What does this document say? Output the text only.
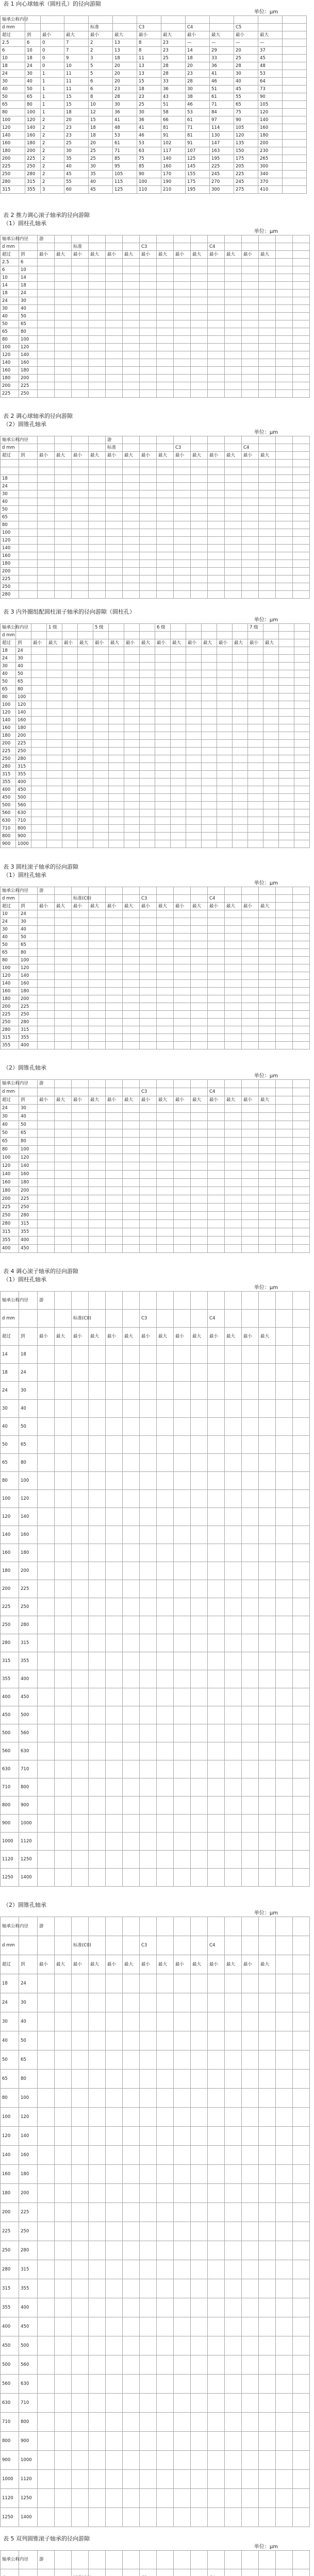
表 1 向心球轴承（圆柱孔）的径向游隙
单位：μm
轴承公称内径												
d mm				标准		C3		C4		C5		
超过	到	最小	最大	最小	最大	最小	最大	最小	最大	最小	最大	
2.5	6	0	7	2	13	8	23	—	—	—	—	
6	10	0	7	2	13	8	23	14	29	20	37	
10	18	0	9	3	18	11	25	18	33	25	45	
18	24	0	10	5	20	13	28	20	36	28	48	
24	30	1	11	5	20	13	28	23	41	30	53	
30	40	1	11	6	20	15	33	28	46	40	64	
40	50	1	11	6	23	18	36	30	51	45	73	
50	65	1	15	8	28	23	43	38	61	55	90	
65	80	1	15	10	30	25	51	46	71	65	105	
80	100	1	18	12	36	30	58	53	84	75	120	
100	120	2	20	15	41	36	66	61	97	90	140	
120	140	2	23	18	48	41	81	71	114	105	160	
140	160	2	23	18	53	46	91	81	130	120	180	
160	180	2	25	20	61	53	102	91	147	135	200	
180	200	2	30	25	71	63	117	107	163	150	230	
200	225	2	35	25	85	75	140	125	195	175	265	
225	250	2	40	30	95	85	160	145	225	205	300	
250	280	2	45	35	105	90	170	155	245	225	340	
280	315	2	55	40	115	100	190	175	270	245	370	
315	355	3	60	45	125	110	210	195	300	275	410	
表 2 推力调心滚子轴承的径向游隙
（1）圆柱孔轴承
单位：μm
轴承公称内径		游															
d mm				标准				C3				C4					
超过	到	最小	最大	最小	最大	最小	最大	最小	最大	最小	最大	最小	最大	最小	最大		
2.5	6																
6	10																
10	14																
14	18																
18	24																
24	30																
30	40																
40	50																
50	65																
65	80																
80	100																
100	120																
120	140																
140	160																
160	180																
180	200																
200	225																
225	250																
表 2 调心球轴承的径向游隙
（2）圆锥孔轴承
单位：μm
轴承公称内径						游											
d mm						标准				C3				C4			
超过	到	最小	最大	最小	最大	最小	最大	最小	最大	最小	最大	最小	最大	最小	最大		

18																	
24																	
30																	
40																	
50																	
65																	
80																	
100																	
120																	
140																	
160																	
180																	
200																	
225																	
250																	
280																	
表 3 内外圈组配圆柱滚子轴承的径向游隙（圆柱孔）
单位：μm
轴承公称内径			1 级			5 级				6 级						7 级			
d mm																			
超过	到	最小	最大	最小	最大	最小	最大	最小	最大	最小	最大	最小	最大	最小	最大	最小	最大		
18	24																		
24	30																		
30	40																		
40	50																		
50	65																		
65	80																		
80	100																		
100	120																		
120	140																		
140	160																		
160	180																		
180	200																		
200	225																		
225	250																		
250	280																		
280	315																		
315	355																		
355	400																		
400	450																		
450	500																		
500	560																		
560	630																		
630	710																		
710	800																		
800	900																		
900	1000																		
表 3 圆柱滚子轴承的径向游隙
（1）圆柱孔轴承
单位：μm
轴承公称内径		游															
d mm				标准(C0)				C3				C4					
超过	到	最小	最大	最小	最大	最小	最大	最小	最大	最小	最大	最小	最大	最小	最大		
10	24																
24	30																
30	40																
40	50																
50	65																
65	80																
80	100																
100	120																
120	140																
140	160																
160	180																
180	200																
200	225																
225	250																
250	280																
280	315																
315	355																
355	400																
（2）圆锥孔轴承
单位：μm
轴承公称内径		游															
d mm								C3				C4					
超过	到	最小	最大	最小	最大	最小	最大	最小	最大	最小	最大	最小	最大	最小	最大		
24	30																
30	40																
40	50																
50	65																
65	80																
80	100																
100	120																
120	140																
140	160																
160	180																
180	200																
200	225																
225	250																
250	280																
280	315																
315	355																
355	400																
400	450																
表 4 调心滚子轴承的径向游隙
（1）圆柱孔轴承
单位：μm
轴承公称内径		游															
d mm				标准(C0)				C3				C4					
超过	到	最小	最大	最小	最大	最小	最大	最小	最大	最小	最大	最小	最大	最小	最大		
14	18																
18	24																
24	30																
30	40																
40	50																
50	65																
65	80																
80	100																
100	120																
120	140																
140	160																
160	180																
180	200																
200	225																
225	250																
250	280																
280	315																
315	355																
355	400																
400	450																
450	500																
500	560																
560	630																
630	710																
710	800																
800	900																
900	1000																
1000	1120																
1120	1250																
1250	1400																
（2）圆锥孔轴承
单位：μm
轴承公称内径		游															
d mm				标准(C0)				C3				C4					
超过	到	最小	最大	最小	最大	最小	最大	最小	最大	最小	最大	最小	最大	最小	最大		
18	24																
24	30																
30	40																
40	50																
50	65																
65	80																
80	100																
100	120																
120	140																
140	160																
160	180																
180	200																
200	225																
225	250																
250	280																
280	315																
315	355																
355	400																
400	450																
450	500																
500	560																
560	630																
630	710																
710	800																
800	900																
900	1000																
1000	1120																
1120	1250																
1250	1400																
表 5 双列圆锥滚子轴承的径向游隙
单位：μm
轴承公称内径		游															
